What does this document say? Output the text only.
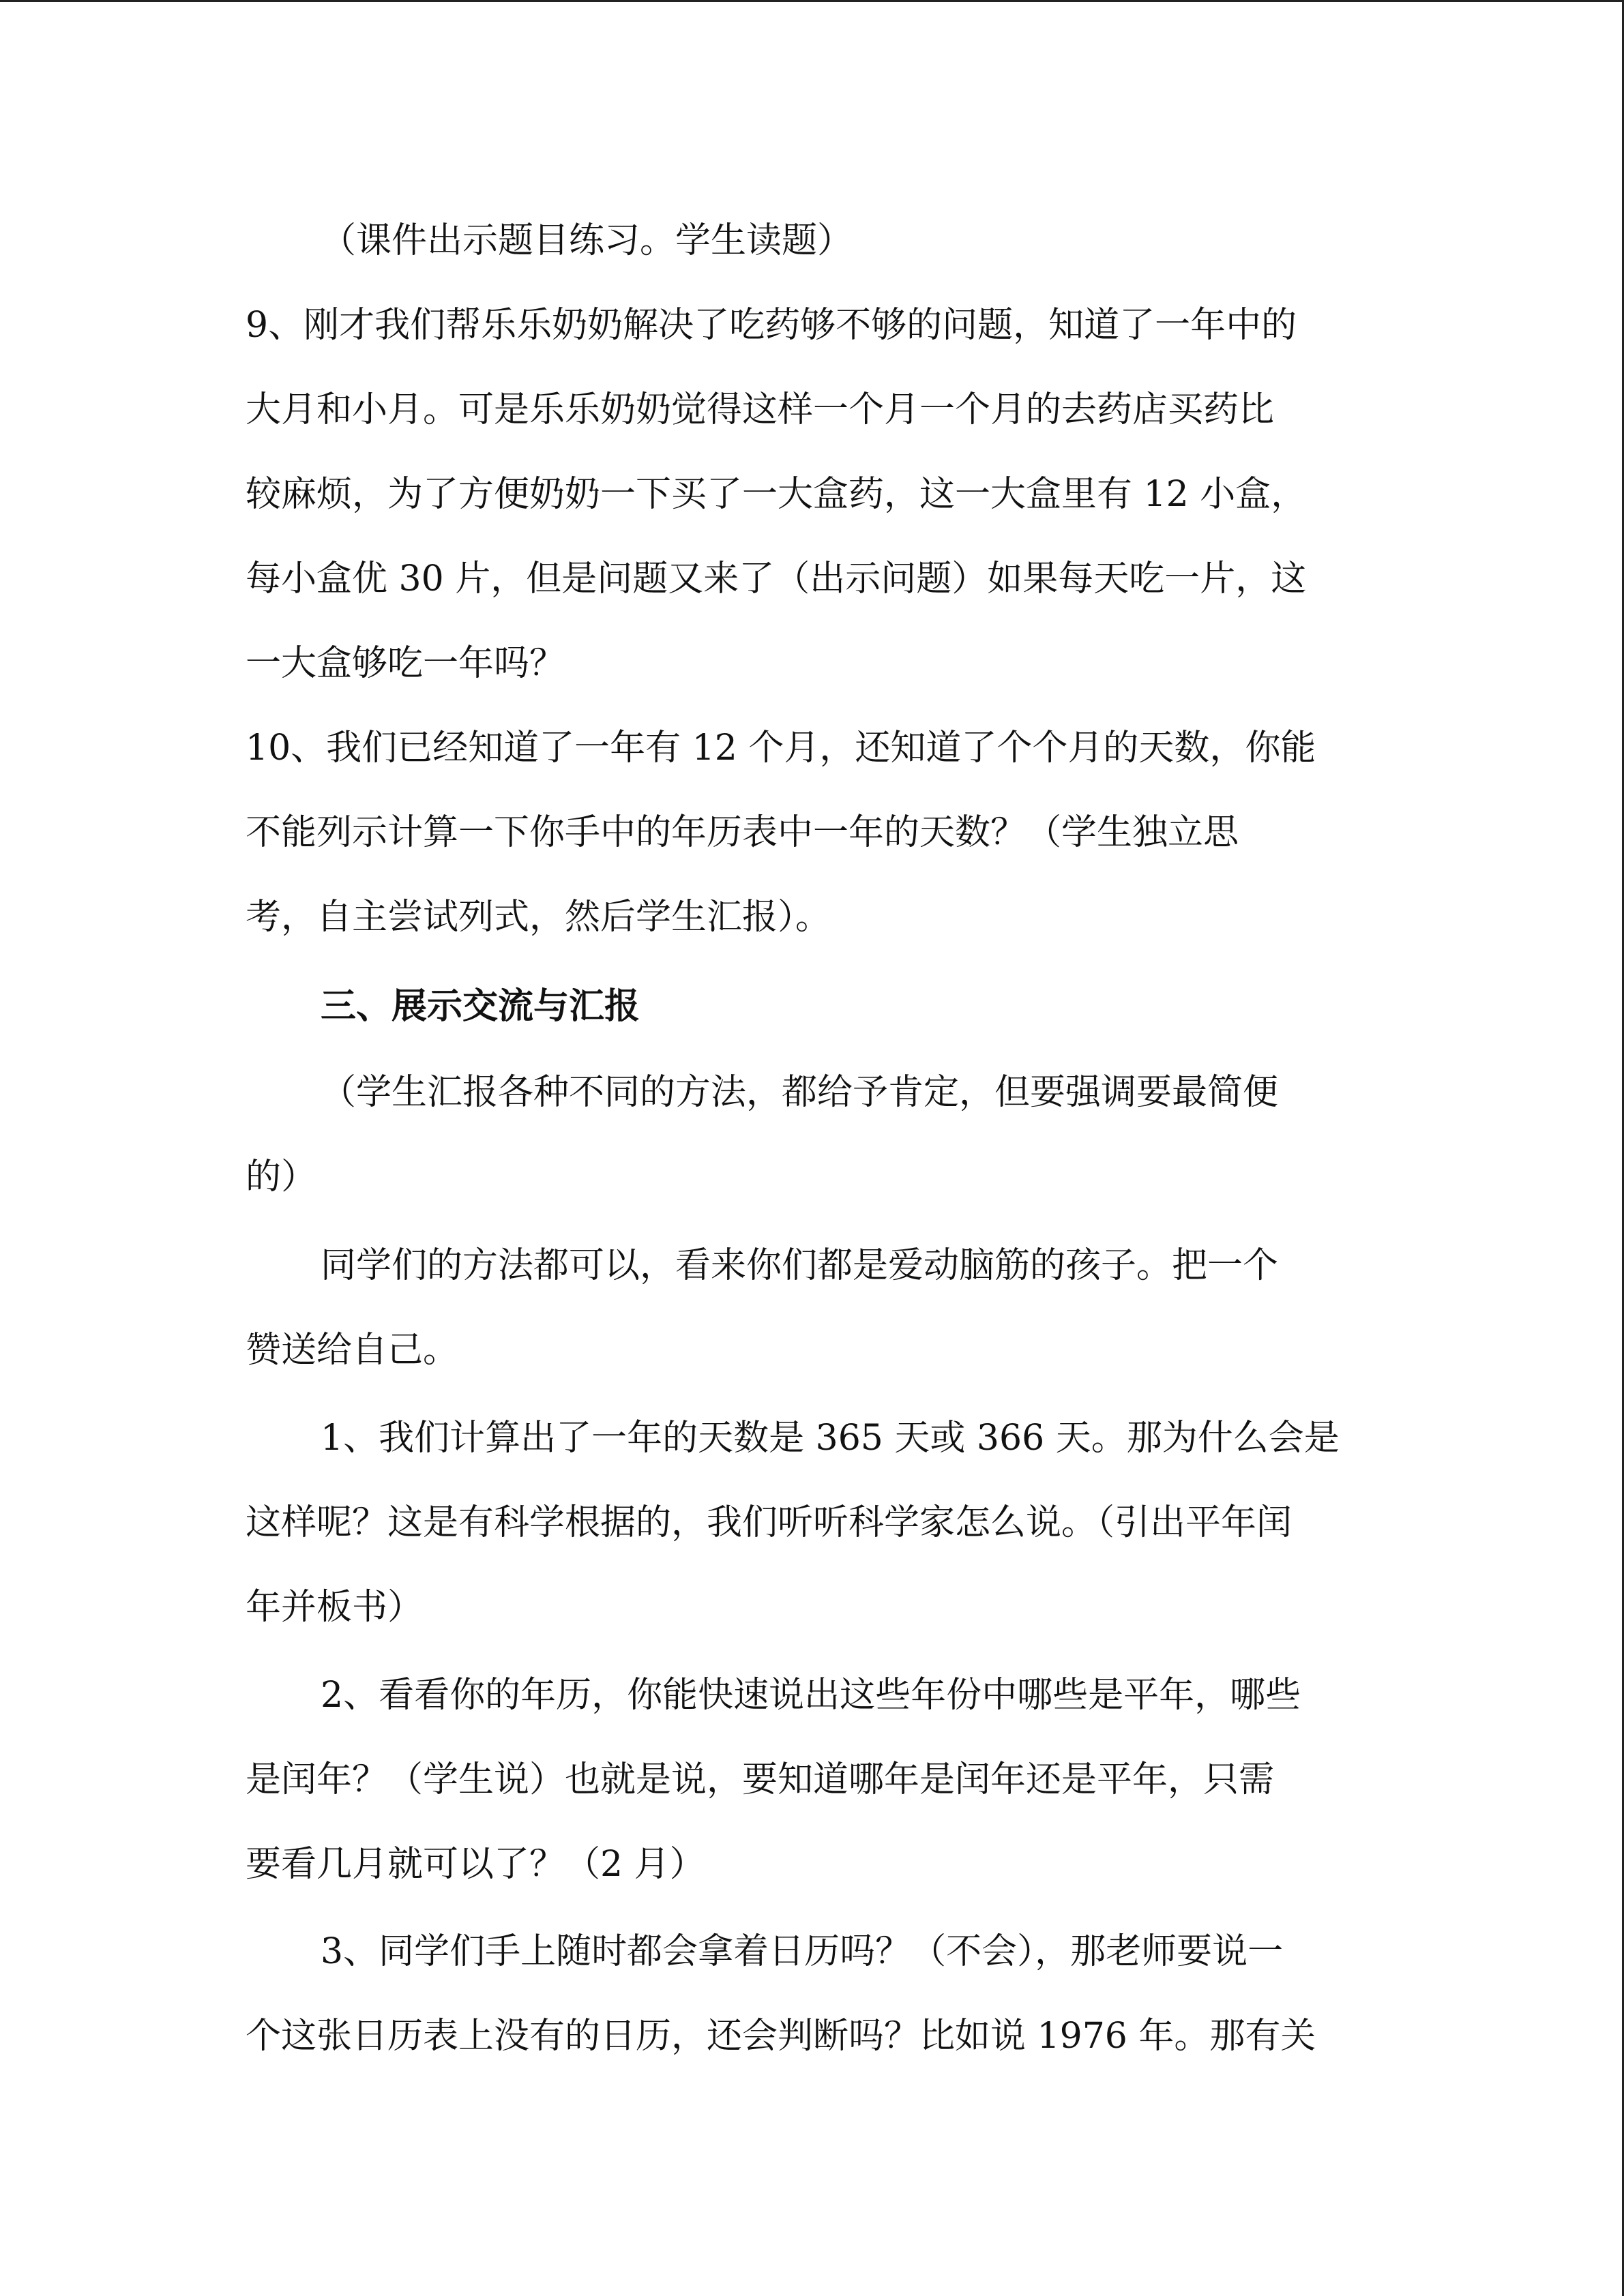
（课件出示题目练习。学生读题）
9、刚才我们帮乐乐奶奶解决了吃药够不够的问题，知道了一年中的
大月和小月。可是乐乐奶奶觉得这样一个月一个月的去药店买药比
较麻烦，为了方便奶奶一下买了一大盒药，这一大盒里有 12 小盒，
每小盒优 30 片，但是问题又来了（出示问题）如果每天吃一片，这
一大盒够吃一年吗？
10、我们已经知道了一年有 12 个月，还知道了个个月的天数，你能
不能列示计算一下你手中的年历表中一年的天数？（学生独立思
考，自主尝试列式，然后学生汇报）。
三、展示交流与汇报
（学生汇报各种不同的方法，都给予肯定，但要强调要最简便
的）
同学们的方法都可以，看来你们都是爱动脑筋的孩子。把一个
赞送给自己。
1、我们计算出了一年的天数是 365 天或 366 天。那为什么会是
这样呢？这是有科学根据的，我们听听科学家怎么说。（引出平年闰
年并板书）
2、看看你的年历，你能快速说出这些年份中哪些是平年，哪些
是闰年？（学生说）也就是说，要知道哪年是闰年还是平年，只需
要看几月就可以了？（2 月）
3、同学们手上随时都会拿着日历吗？（不会），那老师要说一
个这张日历表上没有的日历，还会判断吗？比如说 1976 年。那有关
